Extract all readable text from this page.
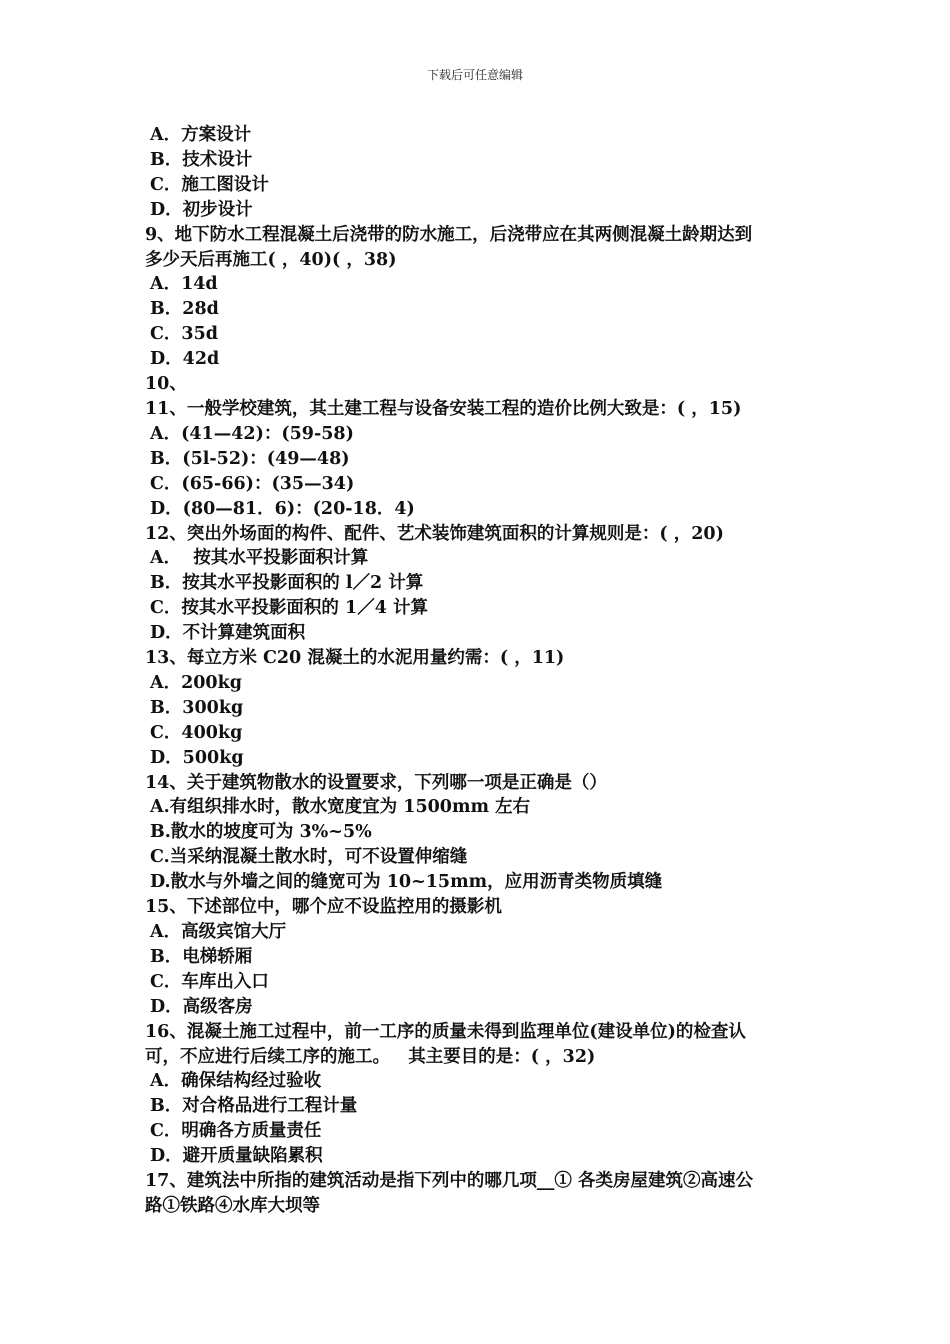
下载后可任意编辑
A．方案设计
B．技术设计
C．施工图设计
D．初步设计
9、地下防水工程混凝土后浇带的防水施工，后浇带应在其两侧混凝土龄期达到
多少天后再施工( ，40)( ，38)
A．14d
B．28d
C．35d
D．42d
10、
11、一般学校建筑，其土建工程与设备安装工程的造价比例大致是：( ，15)
A．(41—42)：(59-58)
B．(5l-52)：(49—48)
C．(65-66)：(35—34)
D．(80—81．6)：(20-18．4)
12、突出外场面的构件、配件、艺术装饰建筑面积的计算规则是：( ，20)
A．  按其水平投影面积计算
B．按其水平投影面积的 l／2 计算
C．按其水平投影面积的 1／4 计算
D．不计算建筑面积
13、每立方米 C20 混凝土的水泥用量约需：( ，11)
A．200kg
B．300kg
C．400kg
D．500kg
14、关于建筑物散水的设置要求，下列哪一项是正确是（）
A.有组织排水时，散水宽度宜为 1500mm 左右
B.散水的坡度可为 3%~5%
C.当采纳混凝土散水时，可不设置伸缩缝
D.散水与外墙之间的缝宽可为 10~15mm，应用沥青类物质填缝
15、下述部位中，哪个应不设监控用的摄影机
A．高级宾馆大厅
B．电梯轿厢
C．车库出入口
D．高级客房
16、混凝土施工过程中，前一工序的质量未得到监理单位(建设单位)的检查认
可，不应进行后续工序的施工。   其主要目的是：( ，32)
A．确保结构经过验收
B．对合格品进行工程计量
C．明确各方质量责任
D．避开质量缺陷累积
17、建筑法中所指的建筑活动是指下列中的哪几项__① 各类房屋建筑②高速公
路①铁路④水库大坝等
